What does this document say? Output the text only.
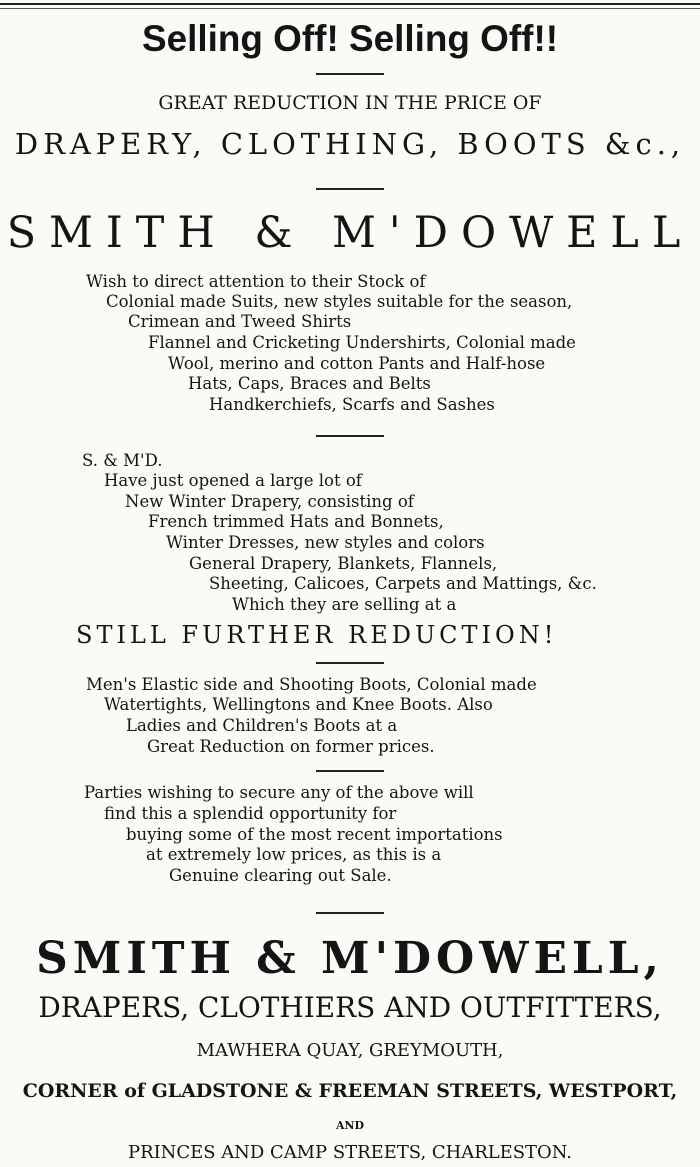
Selling Off! Selling Off!!
GREAT REDUCTION IN THE PRICE OF
DRAPERY, CLOTHING, BOOTS &c.,
SMITH & M'DOWELL
Wish to direct attention to their Stock of
Colonial made Suits, new styles suitable for the season,
Crimean and Tweed Shirts
Flannel and Cricketing Undershirts, Colonial made
Wool, merino and cotton Pants and Half-hose
Hats, Caps, Braces and Belts
Handkerchiefs, Scarfs and Sashes
S. & M'D.
Have just opened a large lot of
New Winter Drapery, consisting of
French trimmed Hats and Bonnets,
Winter Dresses, new styles and colors
General Drapery, Blankets, Flannels,
Sheeting, Calicoes, Carpets and Mattings, &c.
Which they are selling at a
STILL FURTHER REDUCTION!
Men's Elastic side and Shooting Boots, Colonial made
Watertights, Wellingtons and Knee Boots. Also
Ladies and Children's Boots at a
Great Reduction on former prices.
Parties wishing to secure any of the above will
find this a splendid opportunity for
buying some of the most recent importations
at extremely low prices, as this is a
Genuine clearing out Sale.
SMITH & M'DOWELL,
DRAPERS, CLOTHIERS AND OUTFITTERS,
MAWHERA QUAY, GREYMOUTH,
CORNER of GLADSTONE & FREEMAN STREETS, WESTPORT,
AND
PRINCES AND CAMP STREETS, CHARLESTON.
